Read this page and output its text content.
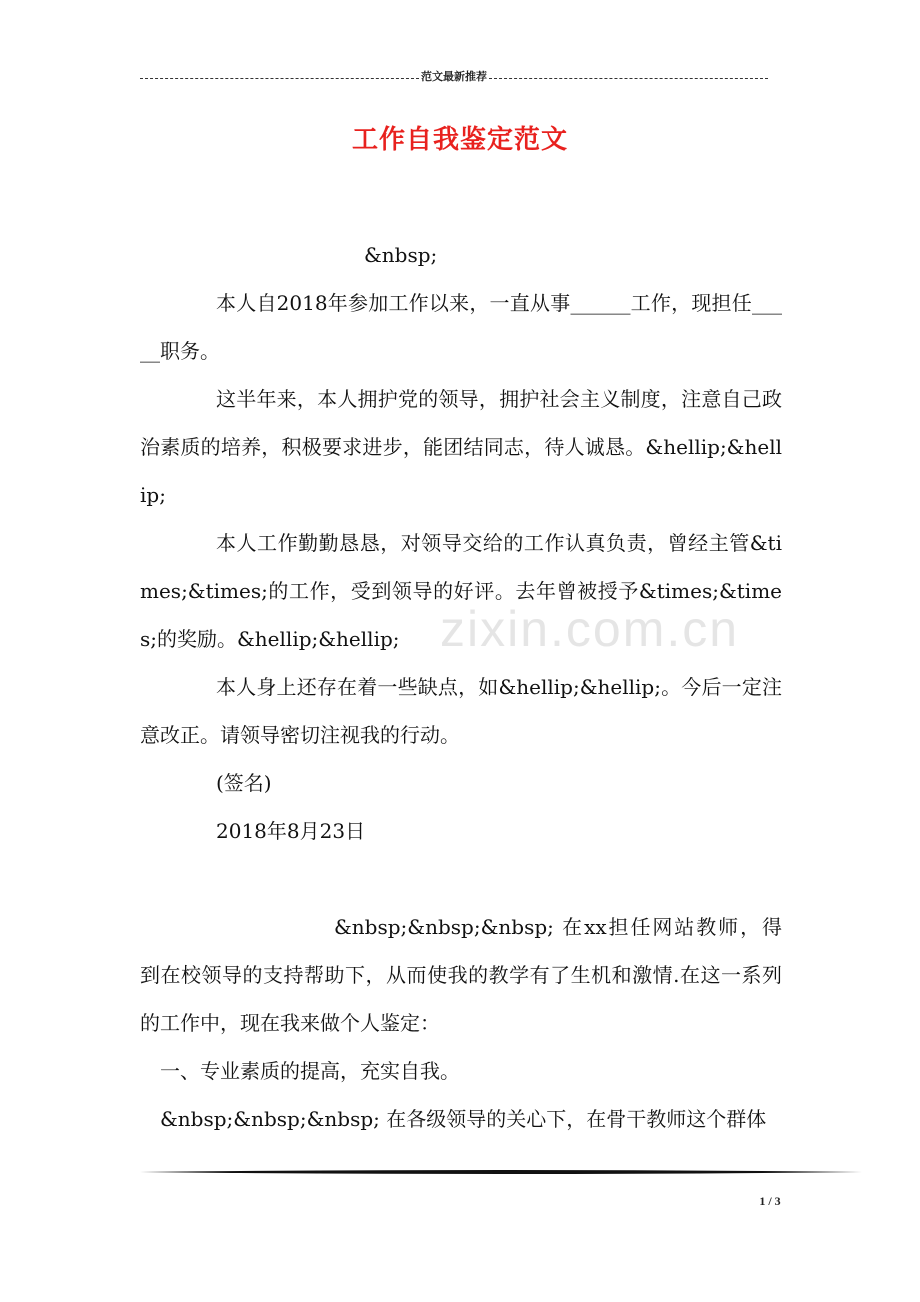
范文最新推荐
工作自我鉴定范文

&nbsp;

本人自2018年参加工作以来，一直从事______工作，现担任_____职务。

这半年来，本人拥护党的领导，拥护社会主义制度，注意自己政治素质的培养，积极要求进步，能团结同志，待人诚恳。&hellip;&hellip;

本人工作勤勤恳恳，对领导交给的工作认真负责，曾经主管&times;&times;的工作，受到领导的好评。去年曾被授予&times;&times;的奖励。&hellip;&hellip;

本人身上还存在着一些缺点，如&hellip;&hellip;。今后一定注意改正。请领导密切注视我的行动。

(签名)

2018年8月23日

&nbsp;&nbsp;&nbsp; 在xx担任网站教师，得到在校领导的支持帮助下，从而使我的教学有了生机和激情.在这一系列的工作中，现在我来做个人鉴定：

一、专业素质的提高，充实自我。

&nbsp;&nbsp;&nbsp; 在各级领导的关心下，在骨干教师这个群体

zixin.com.cn
1 / 3
